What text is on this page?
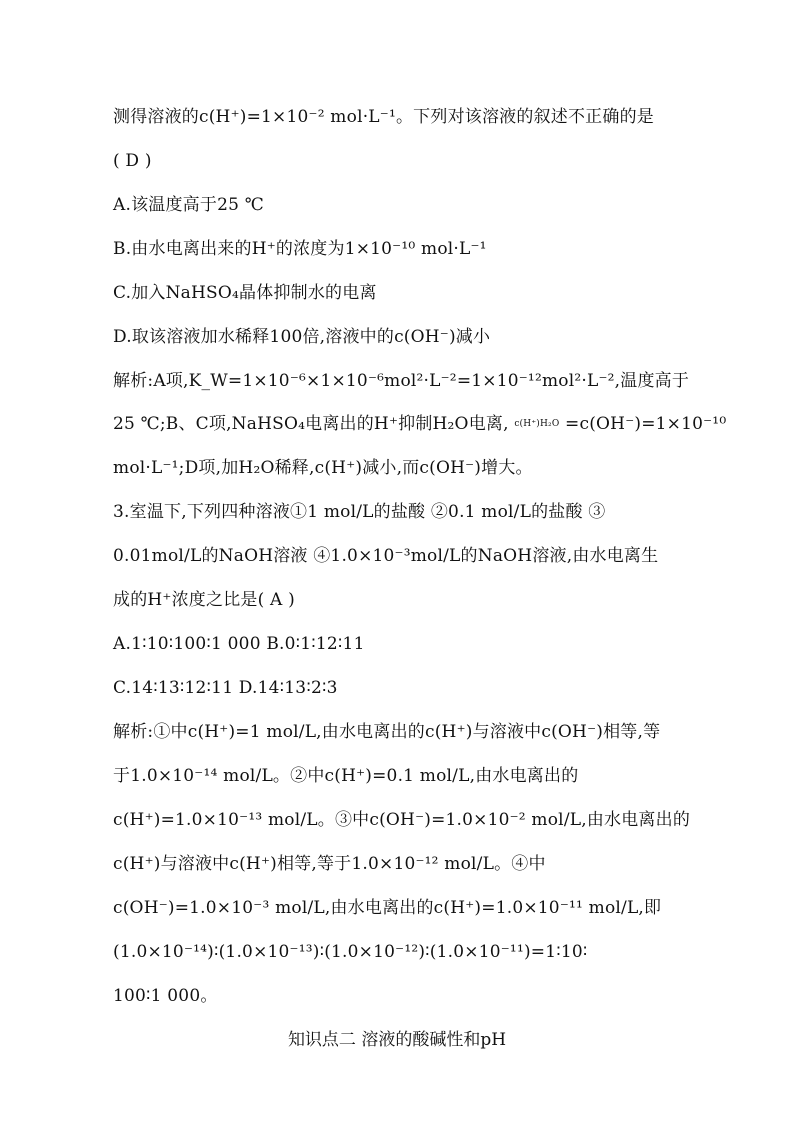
测得溶液的c(H⁺)=1×10⁻² mol·L⁻¹。下列对该溶液的叙述不正确的是
( D )
A.该温度高于25 ℃
B.由水电离出来的H⁺的浓度为1×10⁻¹⁰ mol·L⁻¹
C.加入NaHSO₄晶体抑制水的电离
D.取该溶液加水稀释100倍,溶液中的c(OH⁻)减小
解析:A项,K_W=1×10⁻⁶×1×10⁻⁶mol²·L⁻²=1×10⁻¹²mol²·L⁻²,温度高于
25 ℃;B、C项,NaHSO₄电离出的H⁺抑制H₂O电离, c(H⁺)H₂O =c(OH⁻)=1×10⁻¹⁰
mol·L⁻¹;D项,加H₂O稀释,c(H⁺)减小,而c(OH⁻)增大。
3.室温下,下列四种溶液①1 mol/L的盐酸 ②0.1 mol/L的盐酸 ③
0.01mol/L的NaOH溶液 ④1.0×10⁻³mol/L的NaOH溶液,由水电离生
成的H⁺浓度之比是( A )
A.1∶10∶100∶1 000 B.0∶1∶12∶11
C.14∶13∶12∶11 D.14∶13∶2∶3
解析:①中c(H⁺)=1 mol/L,由水电离出的c(H⁺)与溶液中c(OH⁻)相等,等
于1.0×10⁻¹⁴ mol/L。②中c(H⁺)=0.1 mol/L,由水电离出的
c(H⁺)=1.0×10⁻¹³ mol/L。③中c(OH⁻)=1.0×10⁻² mol/L,由水电离出的
c(H⁺)与溶液中c(H⁺)相等,等于1.0×10⁻¹² mol/L。④中
c(OH⁻)=1.0×10⁻³ mol/L,由水电离出的c(H⁺)=1.0×10⁻¹¹ mol/L,即
(1.0×10⁻¹⁴)∶(1.0×10⁻¹³)∶(1.0×10⁻¹²)∶(1.0×10⁻¹¹)=1∶10∶
100∶1 000。
知识点二 溶液的酸碱性和pH
